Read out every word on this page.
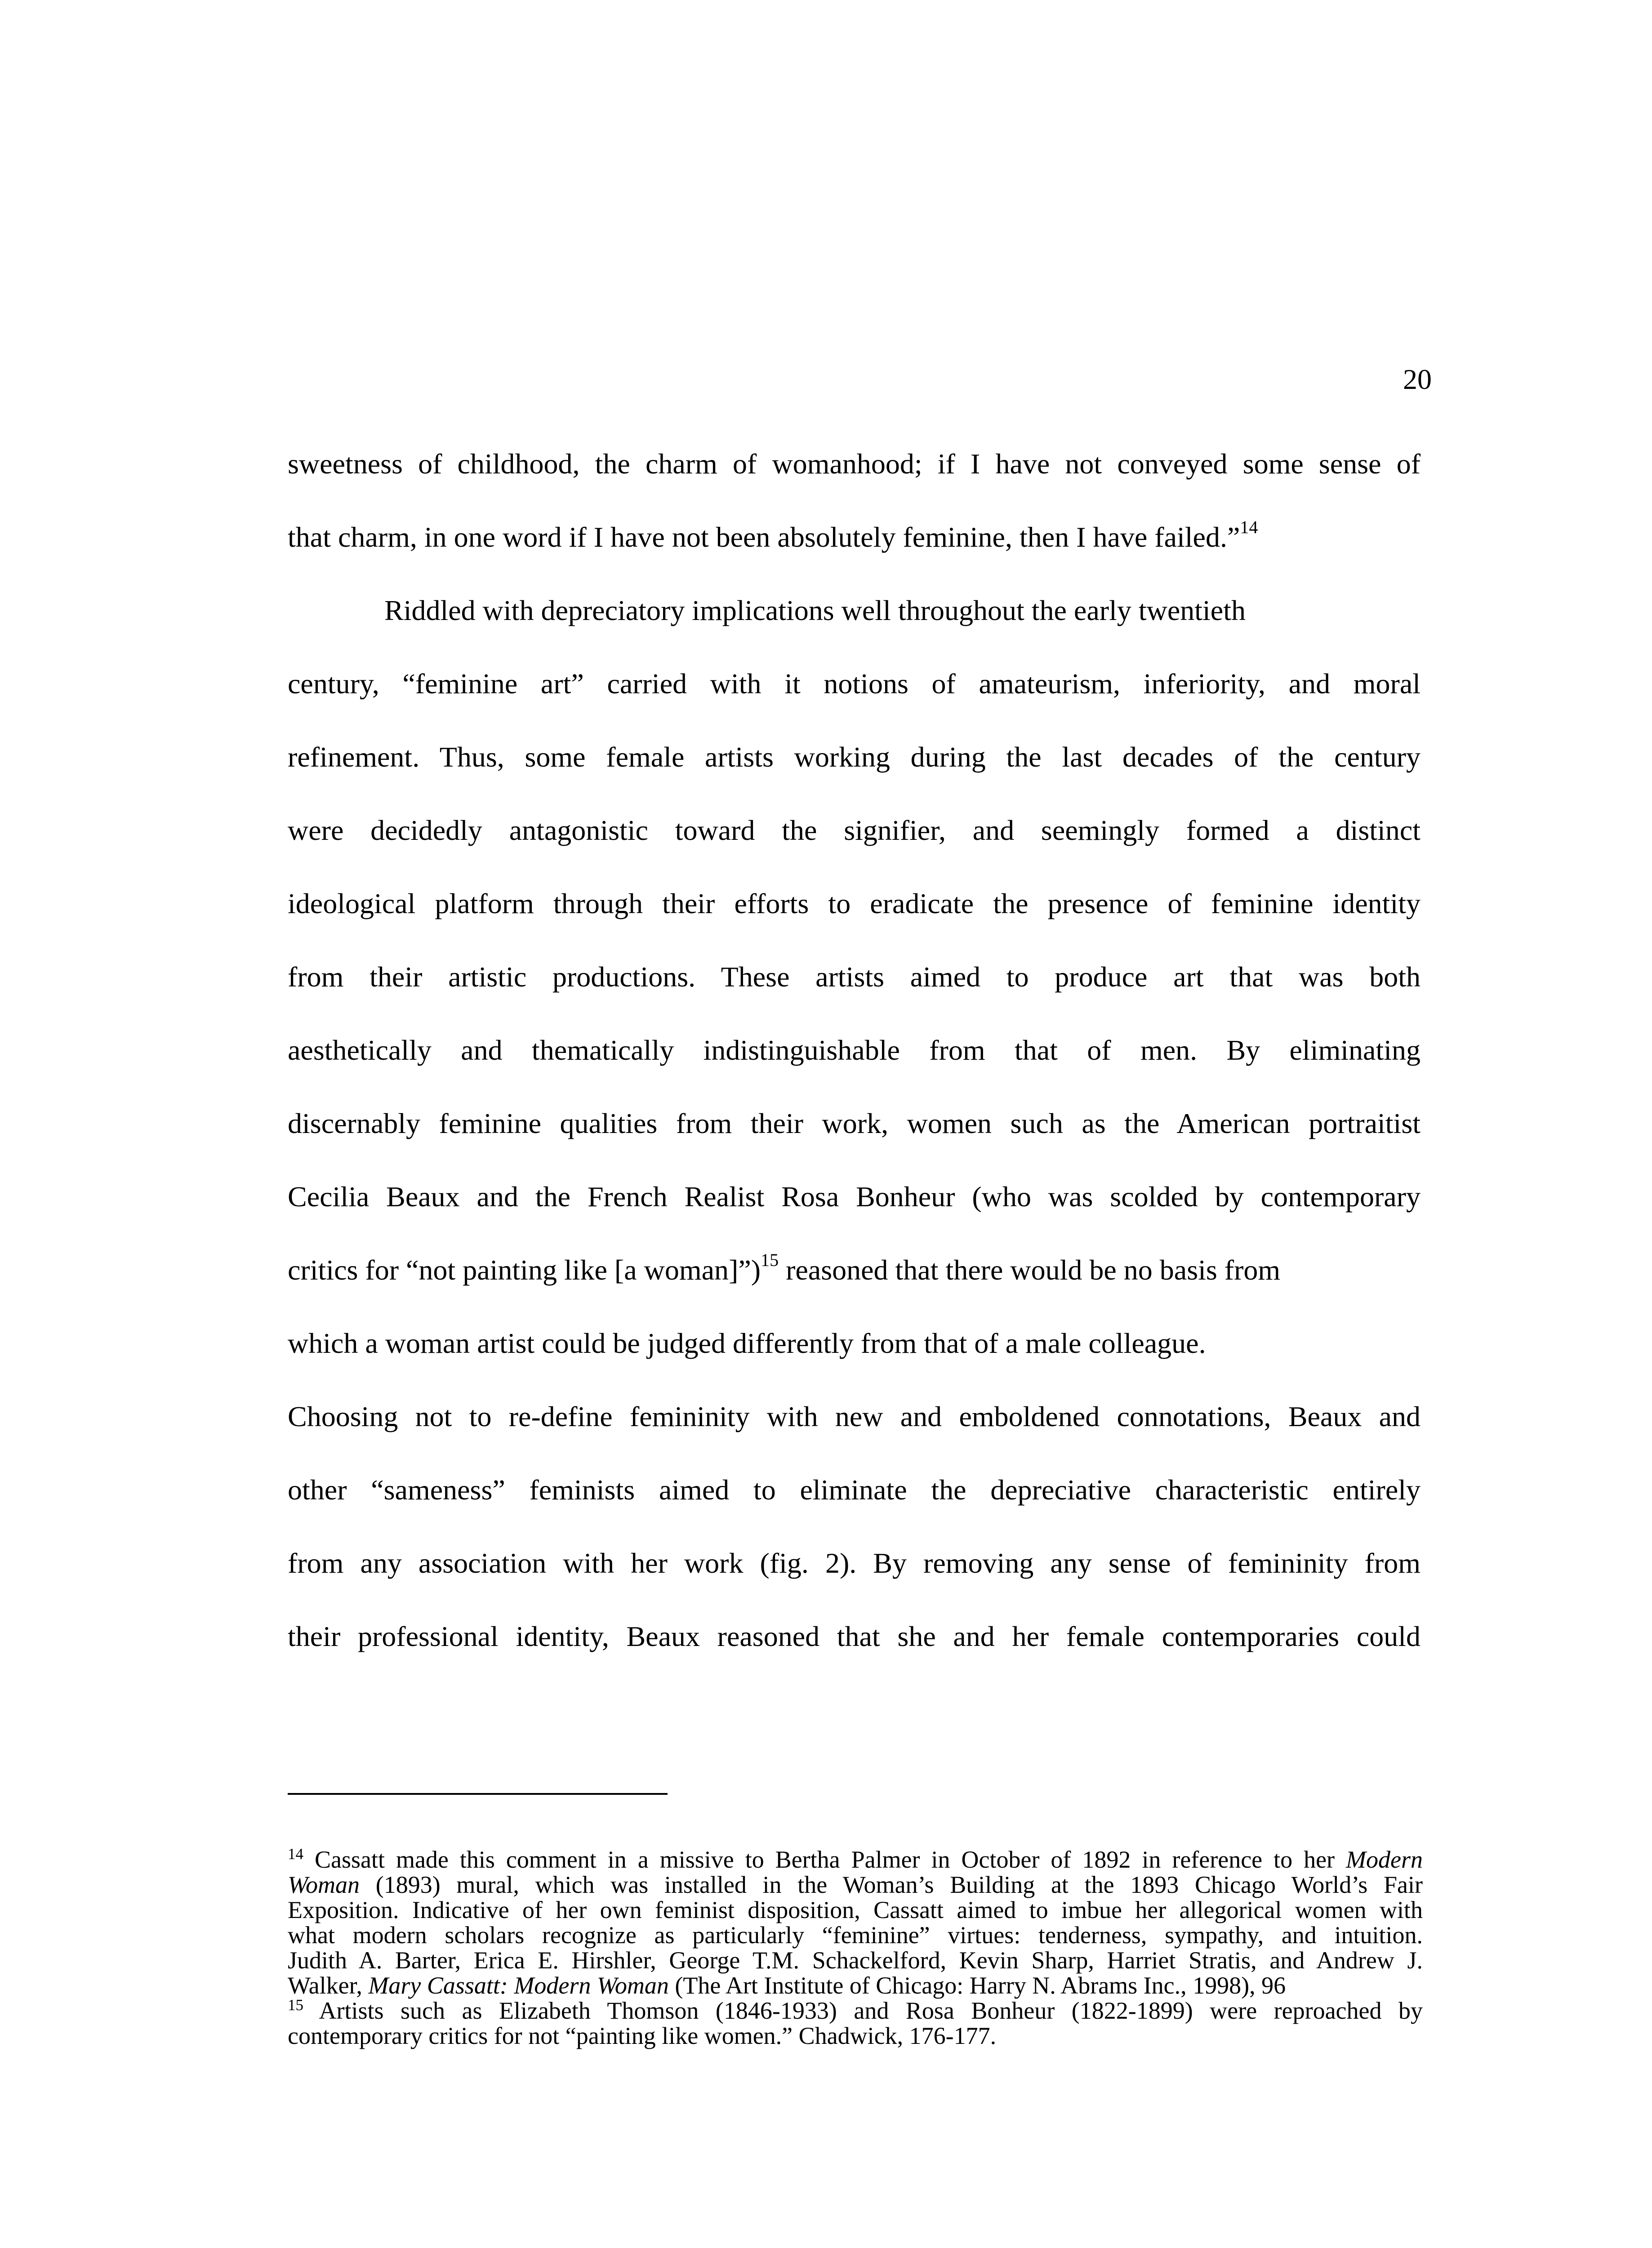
20
sweetness of childhood, the charm of womanhood; if I have not conveyed some sense of
that charm, in one word if I have not been absolutely feminine, then I have failed.”$^{14}$
Riddled with depreciatory implications well throughout the early twentieth
century, “feminine art” carried with it notions of amateurism, inferiority, and moral
refinement. Thus, some female artists working during the last decades of the century
were decidedly antagonistic toward the signifier, and seemingly formed a distinct
ideological platform through their efforts to eradicate the presence of feminine identity
from their artistic productions. These artists aimed to produce art that was both
aesthetically and thematically indistinguishable from that of men. By eliminating
discernably feminine qualities from their work, women such as the American portraitist
Cecilia Beaux and the French Realist Rosa Bonheur (who was scolded by contemporary
critics for “not painting like [a woman]”)$^{15}$ reasoned that there would be no basis from
which a woman artist could be judged differently from that of a male colleague.
Choosing not to re-define femininity with new and emboldened connotations, Beaux and
other “sameness” feminists aimed to eliminate the depreciative characteristic entirely
from any association with her work (fig. 2). By removing any sense of femininity from
their professional identity, Beaux reasoned that she and her female contemporaries could
$^{14}$ Cassatt made this comment in a missive to Bertha Palmer in October of 1892 in reference to her Modern
Woman (1893) mural, which was installed in the Woman’s Building at the 1893 Chicago World’s Fair
Exposition. Indicative of her own feminist disposition, Cassatt aimed to imbue her allegorical women with
what modern scholars recognize as particularly “feminine” virtues: tenderness, sympathy, and intuition.
Judith A. Barter, Erica E. Hirshler, George T.M. Schackelford, Kevin Sharp, Harriet Stratis, and Andrew J.
Walker, Mary Cassatt: Modern Woman (The Art Institute of Chicago: Harry N. Abrams Inc., 1998), 96
$^{15}$ Artists such as Elizabeth Thomson (1846-1933) and Rosa Bonheur (1822-1899) were reproached by
contemporary critics for not “painting like women.” Chadwick, 176-177.
